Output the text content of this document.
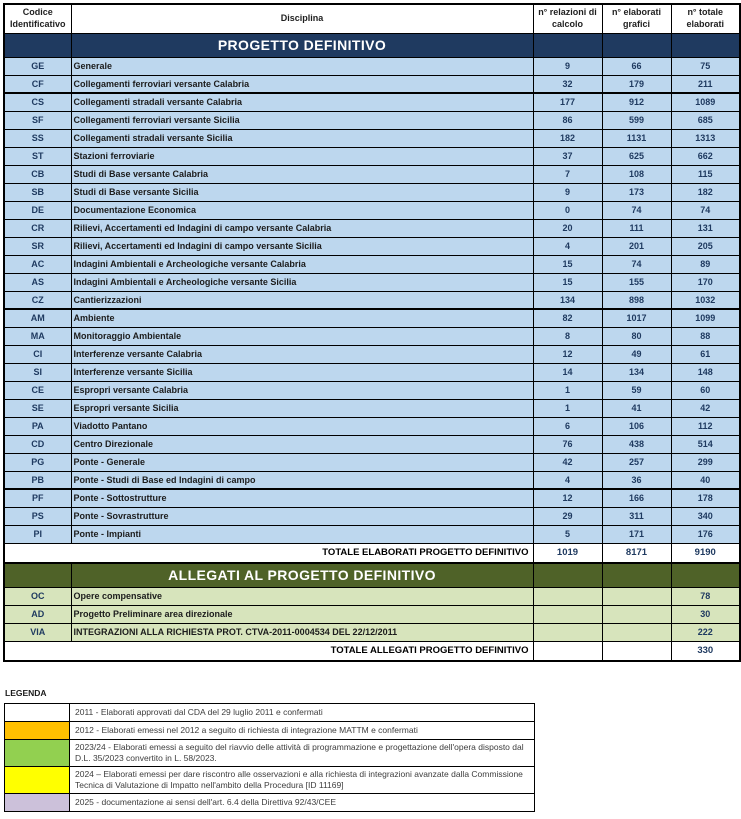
Codice Identificativo	Disciplina	n° relazioni di calcolo	n° elaborati grafici	n° totale elaborati
	PROGETTO DEFINITIVO			
GE	Generale	9	66	75
CF	Collegamenti ferroviari versante Calabria	32	179	211
CS	Collegamenti stradali versante Calabria	177	912	1089
SF	Collegamenti ferroviari versante Sicilia	86	599	685
SS	Collegamenti stradali versante Sicilia	182	1131	1313
ST	Stazioni ferroviarie	37	625	662
CB	Studi di Base versante Calabria	7	108	115
SB	Studi di Base versante Sicilia	9	173	182
DE	Documentazione Economica	0	74	74
CR	Rilievi, Accertamenti ed Indagini di campo versante Calabria	20	111	131
SR	Rilievi, Accertamenti ed Indagini di campo versante Sicilia	4	201	205
AC	Indagini Ambientali e Archeologiche versante Calabria	15	74	89
AS	Indagini Ambientali e Archeologiche versante Sicilia	15	155	170
CZ	Cantierizzazioni	134	898	1032
AM	Ambiente	82	1017	1099
MA	Monitoraggio Ambientale	8	80	88
CI	Interferenze versante Calabria	12	49	61
SI	Interferenze versante Sicilia	14	134	148
CE	Espropri versante Calabria	1	59	60
SE	Espropri versante Sicilia	1	41	42
PA	Viadotto Pantano	6	106	112
CD	Centro Direzionale	76	438	514
PG	Ponte - Generale	42	257	299
PB	Ponte - Studi di Base ed Indagini di campo	4	36	40
PF	Ponte - Sottostrutture	12	166	178
PS	Ponte - Sovrastrutture	29	311	340
PI	Ponte - Impianti	5	171	176
TOTALE ELABORATI PROGETTO DEFINITIVO		1019	8171	9190
	ALLEGATI AL PROGETTO DEFINITIVO			
OC	Opere compensative			78
AD	Progetto Preliminare area direzionale			30
VIA	INTEGRAZIONI ALLA RICHIESTA PROT. CTVA-2011-0004534 DEL 22/12/2011			222
TOTALE ALLEGATI PROGETTO DEFINITIVO				330
LEGENDA
	2011 - Elaborati approvati dal CDA del 29 luglio 2011 e confermati
	2012 - Elaborati emessi nel 2012 a seguito di richiesta di integrazione MATTM e confermati
	2023/24 - Elaborati emessi a seguito del riavvio delle attività di programmazione e progettazione dell'opera disposto dal D.L. 35/2023 convertito in L. 58/2023.
	2024 – Elaborati emessi per dare riscontro alle osservazioni e alla richiesta di integrazioni avanzate dalla Commissione Tecnica di Valutazione di Impatto nell'ambito della Procedura [ID 11169]
	2025 - documentazione ai sensi dell'art. 6.4 della Direttiva 92/43/CEE
